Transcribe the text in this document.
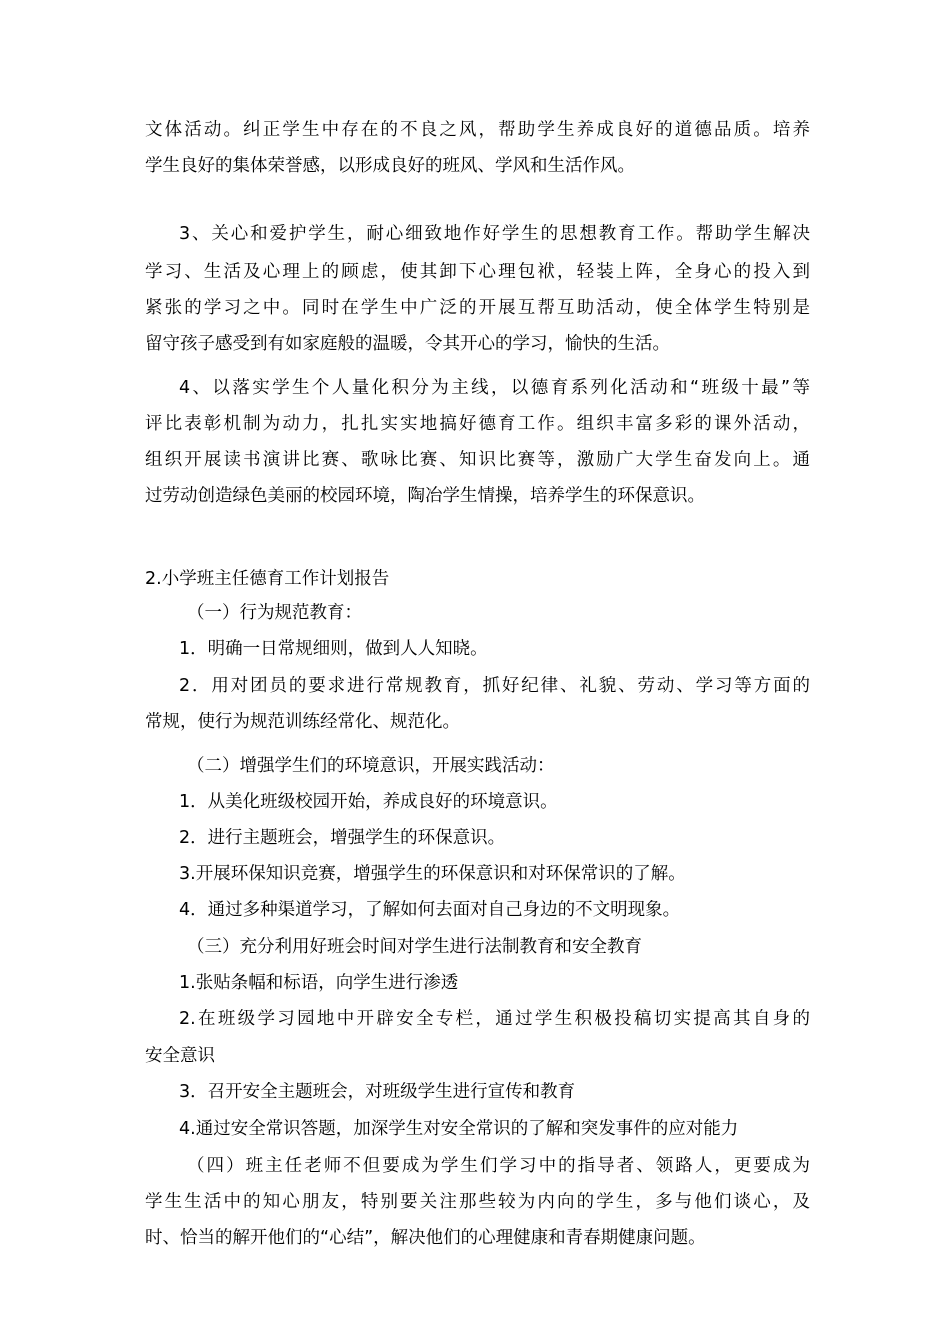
文体活动。纠正学生中存在的不良之风，帮助学生养成良好的道德品质。培养
学生良好的集体荣誉感，以形成良好的班风、学风和生活作风。
3、关心和爱护学生，耐心细致地作好学生的思想教育工作。帮助学生解决
学习、生活及心理上的顾虑，使其卸下心理包袱，轻装上阵，全身心的投入到
紧张的学习之中。同时在学生中广泛的开展互帮互助活动，使全体学生特别是
留守孩子感受到有如家庭般的温暖，令其开心的学习，愉快的生活。
4、以落实学生个人量化积分为主线，以德育系列化活动和“班级十最”等
评比表彰机制为动力，扎扎实实地搞好德育工作。组织丰富多彩的课外活动，
组织开展读书演讲比赛、歌咏比赛、知识比赛等，激励广大学生奋发向上。通
过劳动创造绿色美丽的校园环境，陶冶学生情操，培养学生的环保意识。
2.小学班主任德育工作计划报告
（一）行为规范教育：
1．明确一日常规细则，做到人人知晓。
2．用对团员的要求进行常规教育，抓好纪律、礼貌、劳动、学习等方面的
常规，使行为规范训练经常化、规范化。
（二）增强学生们的环境意识，开展实践活动：
1．从美化班级校园开始，养成良好的环境意识。
2．进行主题班会，增强学生的环保意识。
3.开展环保知识竞赛，增强学生的环保意识和对环保常识的了解。
4．通过多种渠道学习，了解如何去面对自己身边的不文明现象。
（三）充分利用好班会时间对学生进行法制教育和安全教育
1.张贴条幅和标语，向学生进行渗透
2.在班级学习园地中开辟安全专栏，通过学生积极投稿切实提高其自身的
安全意识
3．召开安全主题班会，对班级学生进行宣传和教育
4.通过安全常识答题，加深学生对安全常识的了解和突发事件的应对能力
（四）班主任老师不但要成为学生们学习中的指导者、领路人，更要成为
学生生活中的知心朋友，特别要关注那些较为内向的学生，多与他们谈心，及
时、恰当的解开他们的“心结”，解决他们的心理健康和青春期健康问题。
